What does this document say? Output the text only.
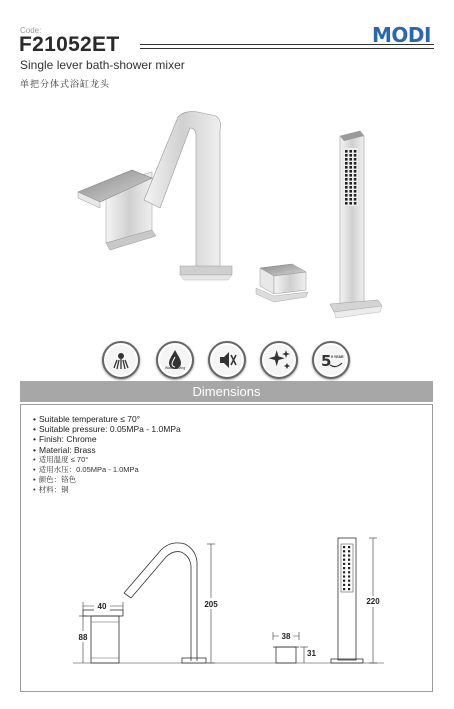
Code:
F21052ET	MODI
Single lever bath-shower mixer
单把分体式浴缸龙头
Water saving	5 5 YEAR
Dimensions
• Suitable temperature ≤ 70°
• Suitable pressure: 0.05MPa - 1.0MPa
• Finish: Chrome
• Material: Brass
• 适用温度 ≤ 70°
• 适用水压：0.05MPa - 1.0MPa
• 颜色：铬色
• 材料：铜
40
88
205
38
31
220
